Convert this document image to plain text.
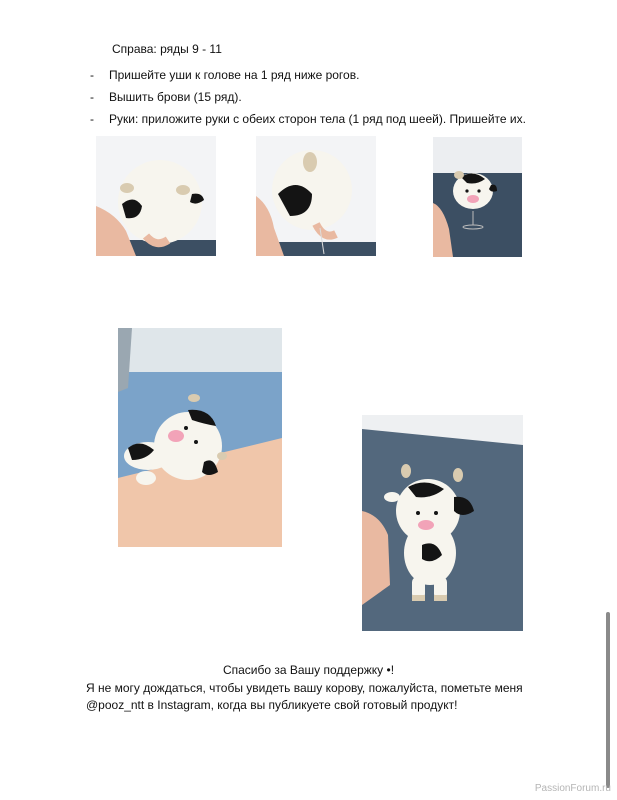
Справа: ряды 9 - 11
- Пришейте уши к голове на 1 ряд ниже рогов.
- Вышить брови (15 ряд).
- Руки: приложите руки с обеих сторон тела (1 ряд под шеей). Пришейте их.
Спасибо за Вашу поддержку •!
Я не могу дождаться, чтобы увидеть вашу корову, пожалуйста, пометьте меня
@pooz_ntt в Instagram, когда вы публикуете свой готовый продукт!
PassionForum.ru
